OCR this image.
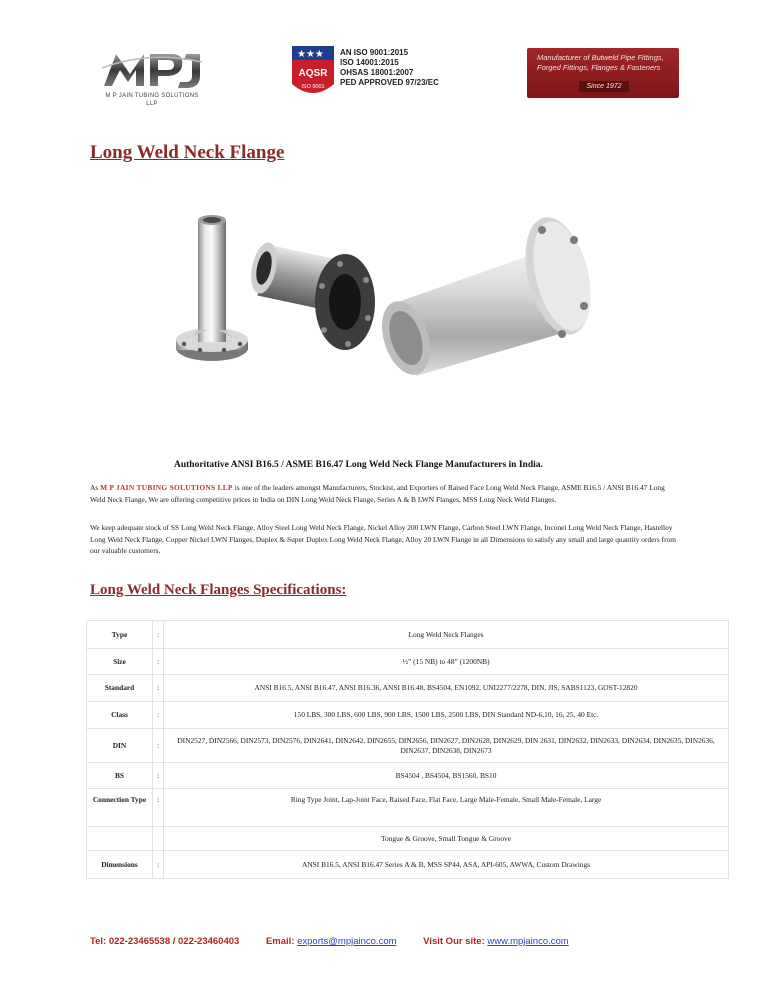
M P JAIN TUBING SOLUTIONS
LLP
★★★
AQSR
ISO 9001
AN ISO 9001:2015
ISO 14001:2015
OHSAS 18001:2007
PED APPROVED 97/23/EC
Manufacturer of Butweld Pipe Fittings,
Forged Fittings, Flanges & Fasteners
Since 1972
Long Weld Neck Flange
Authoritative ANSI B16.5 / ASME B16.47 Long Weld Neck Flange Manufacturers in India.
As M P JAIN TUBING SOLUTIONS LLP is one of the leaders amongst Manufacturers, Stockist, and Exporters of Raised Face Long Weld Neck Flange, ASME B16.5 / ANSI B16.47 Long Weld Neck Flange, We are offering competitive prices in India on DIN Long Weld Neck Flange, Series A & B LWN Flanges, MSS Long Neck Weld Flanges.
We keep adequate stock of SS Long Weld Neck Flange, Alloy Steel Long Weld Neck Flange, Nickel Alloy 200 LWN Flange, Carbon Steel LWN Flange, Inconel Long Weld Neck Flange, Hastelloy Long Weld Neck Flange, Copper Nickel LWN Flanges, Duplex & Super Duplex Long Weld Neck Flange, Alloy 20 LWN Flange in all Dimensions to satisfy any small and large quantity orders from our valuable customers.
Long Weld Neck Flanges Specifications:
Type	:	Long Weld Neck Flanges
Size	:	½” (15 NB) to 48” (1200NB)
Standard	:	ANSI B16.5, ANSI B16.47, ANSI B16.36, ANSI B16.48, BS4504, EN1092, UNI2277/2278, DIN, JIS, SABS1123, GOST-12820
Class	:	150 LBS, 300 LBS, 600 LBS, 900 LBS, 1500 LBS, 2500 LBS, DIN Standard ND-6,10, 16, 25, 40 Etc.
DIN	:	DIN2527, DIN2566, DIN2573, DIN2576, DIN2641, DIN2642, DIN2655, DIN2656, DIN2627, DIN2628, DIN2629, DIN 2631, DIN2632, DIN2633, DIN2634, DIN2635, DIN2636, DIN2637, DIN2638, DIN2673
BS	:	BS4504 , BS4504, BS1560, BS10
Connection Type	:	Ring Type Joint, Lap-Joint Face, Raised Face, Flat Face, Large Male-Female, Small Male-Female, Large
		Tongue & Groove, Small Tongue & Groove
Dimensions	:	ANSI B16.5, ANSI B16.47 Series A & B, MSS SP44, ASA, API-605, AWWA, Custom Drawings
Tel: 022-23465538 / 022-23460403	Email: exports@mpjainco.com	Visit Our site: www.mpjainco.com
